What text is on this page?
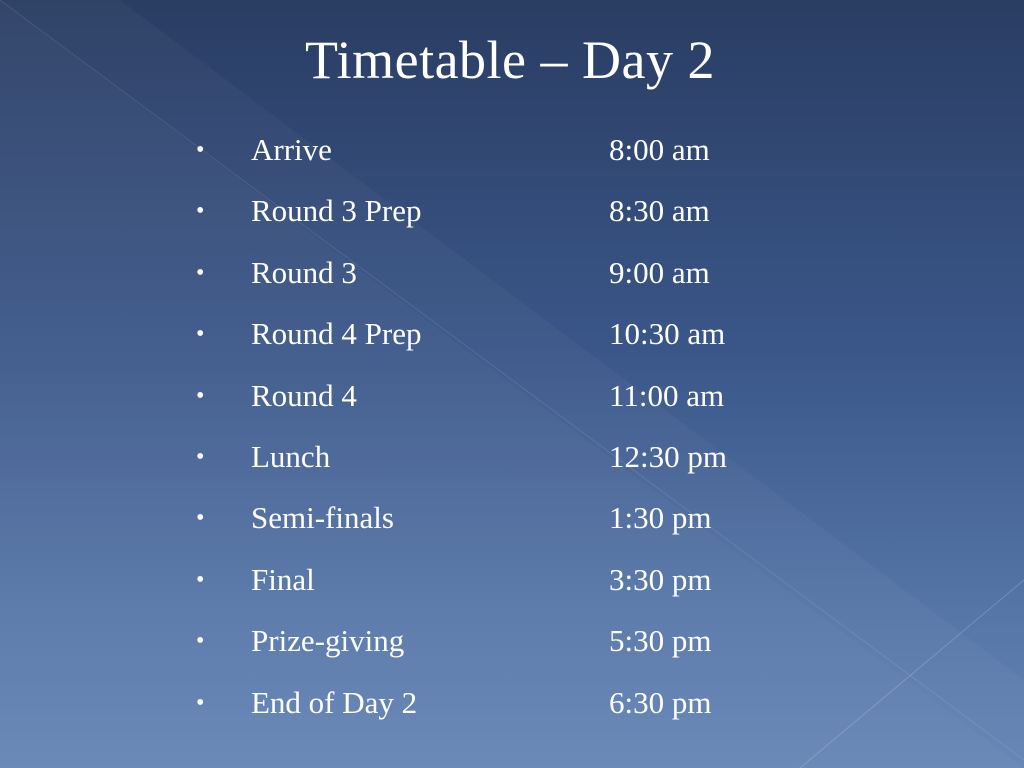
Timetable – Day 2
• Arrive	8:00 am
• Round 3 Prep	8:30 am
• Round 3	9:00 am
• Round 4 Prep	10:30 am
• Round 4	11:00 am
• Lunch	12:30 pm
• Semi-finals	1:30 pm
• Final	3:30 pm
• Prize-giving	5:30 pm
• End of Day 2	6:30 pm
